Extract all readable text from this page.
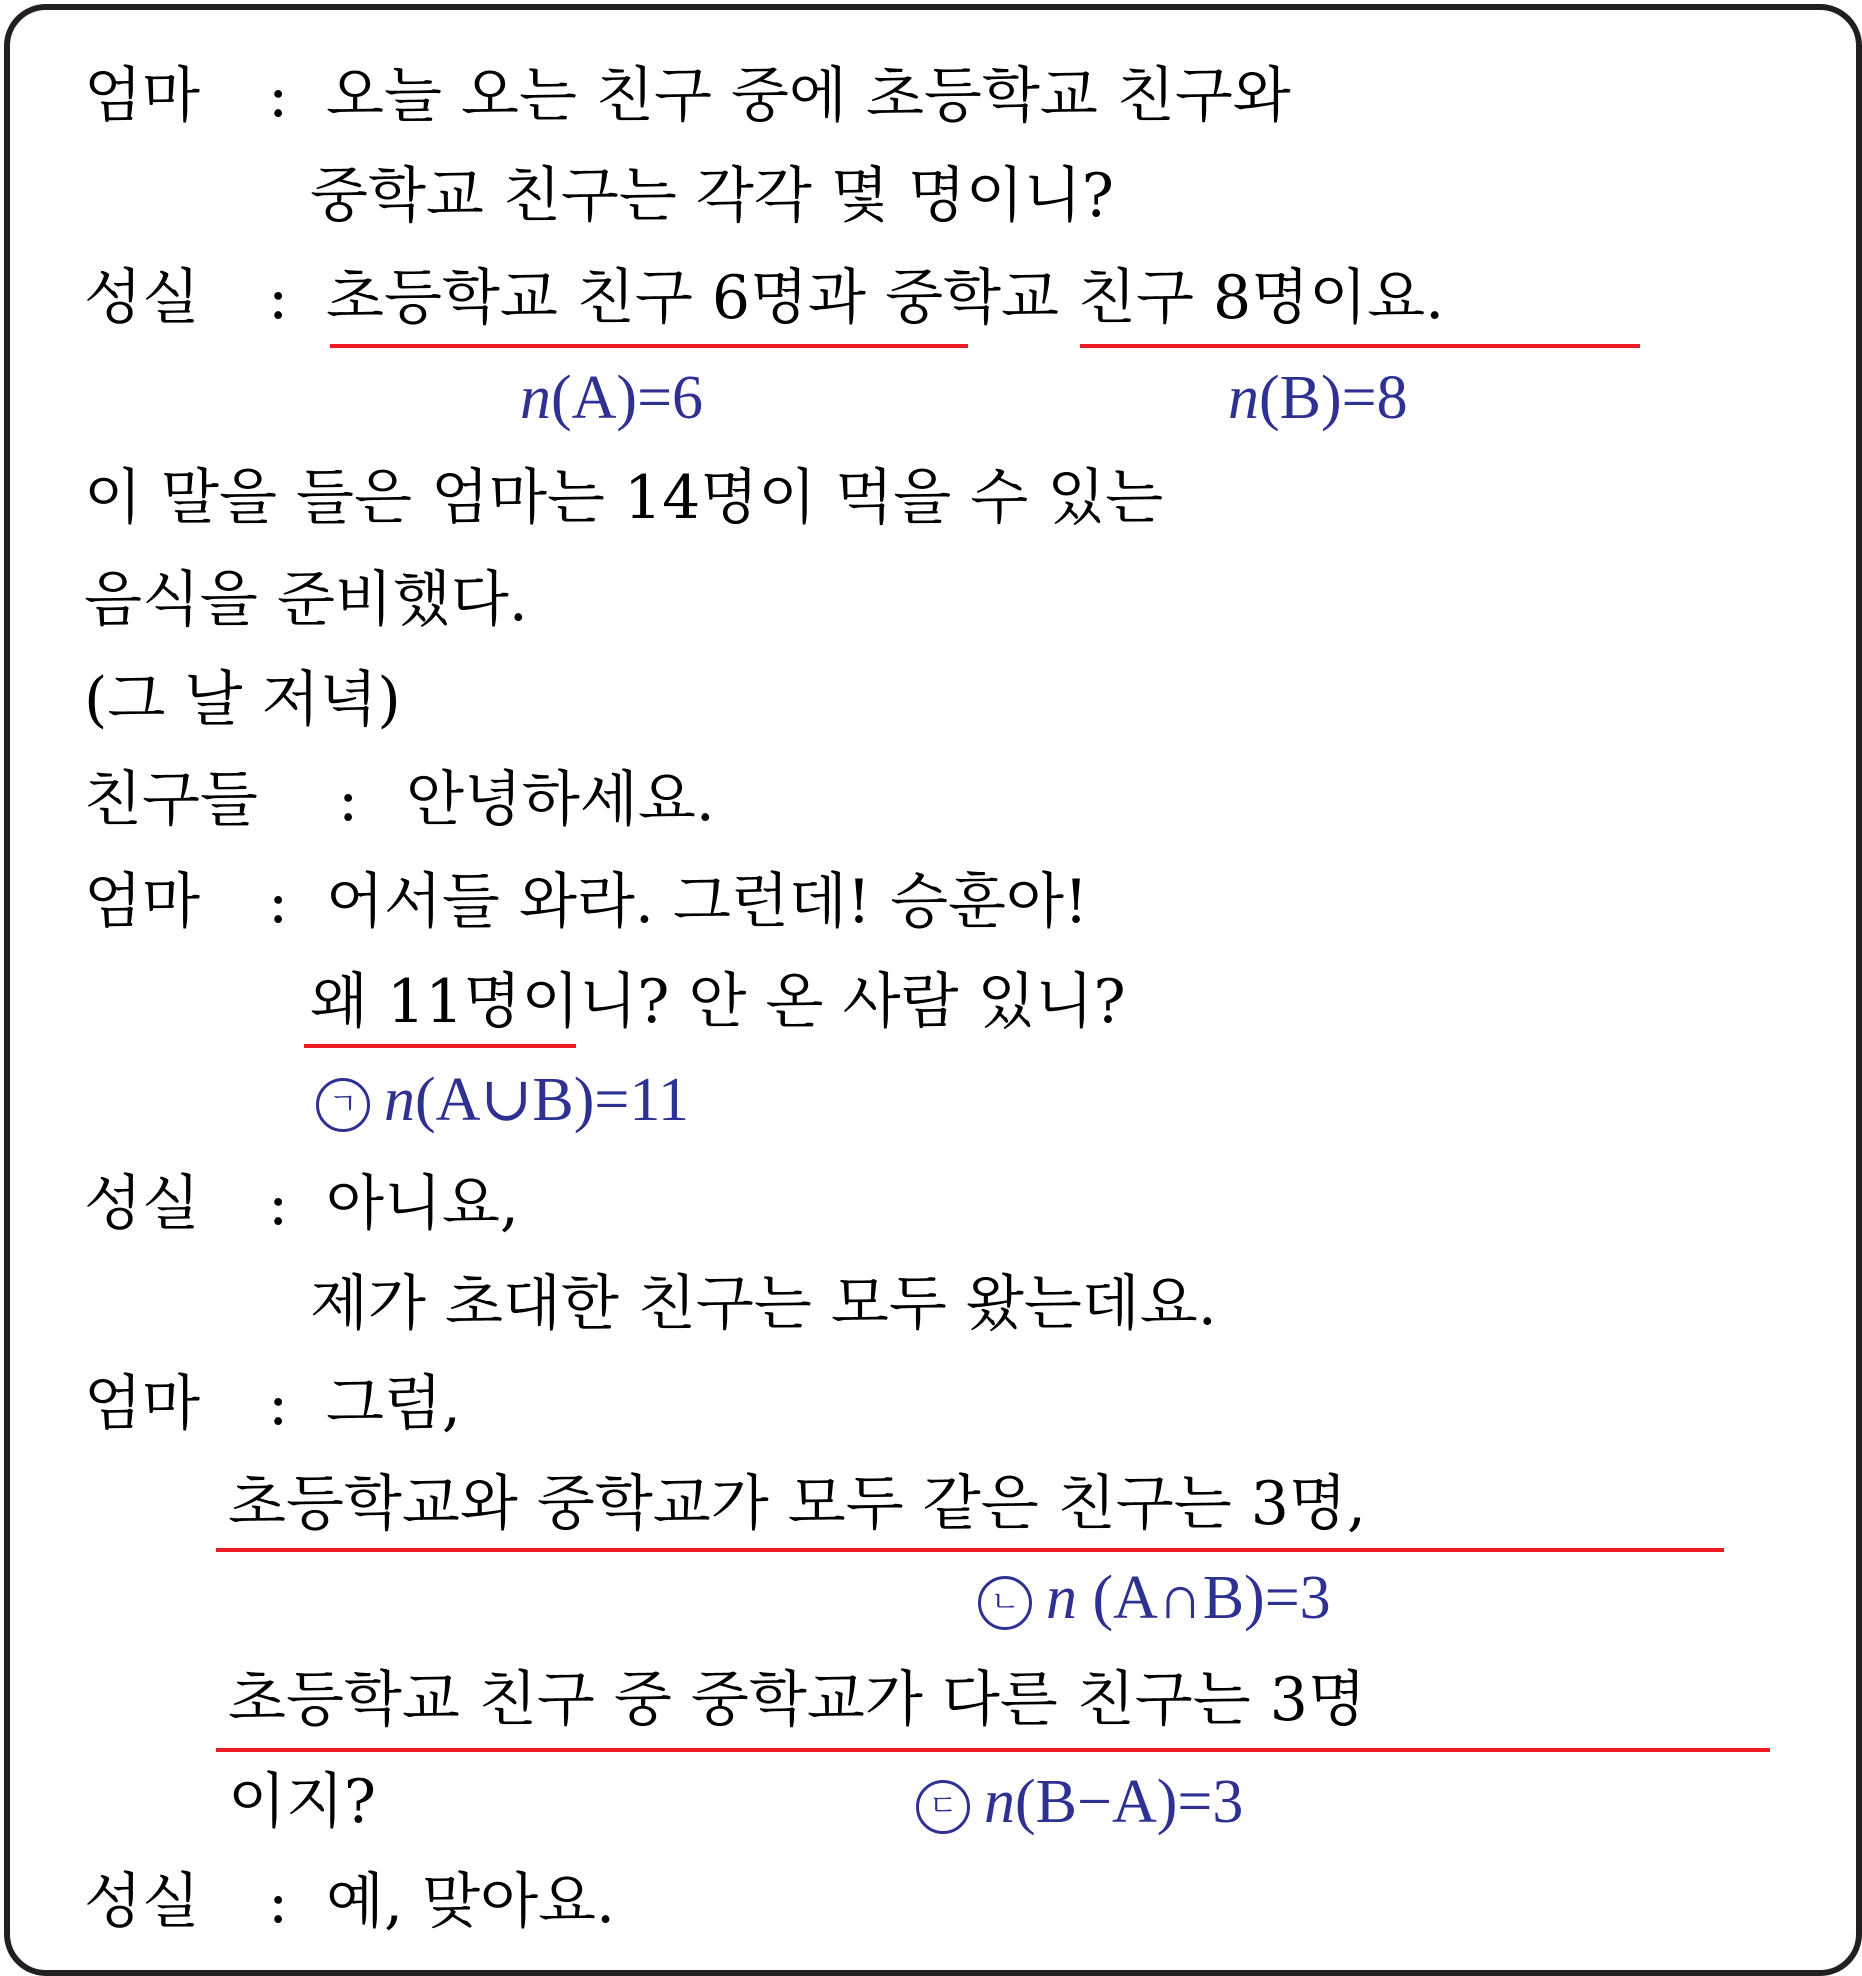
엄마 : 오늘 오는 친구 중에 초등학교 친구와
중학교 친구는 각각 몇 명이니?
성실 : 초등학교 친구 6명과 중학교 친구 8명이요.
n(A)=6	n(B)=8
이 말을 들은 엄마는 14명이 먹을 수 있는
음식을 준비했다.
(그 날 저녁)
친구들 : 안녕하세요.
엄마 : 어서들 와라. 그런데! 승훈아!
왜 11명이니? 안 온 사람 있니?
ㄱ n(A∪B)=11
성실 : 아니요,
제가 초대한 친구는 모두 왔는데요.
엄마 : 그럼,
초등학교와 중학교가 모두 같은 친구는 3명,
ㄴ n (A∩B)=3
초등학교 친구 중 중학교가 다른 친구는 3명
이지?	ㄷ n(B−A)=3
성실 : 예, 맞아요.
